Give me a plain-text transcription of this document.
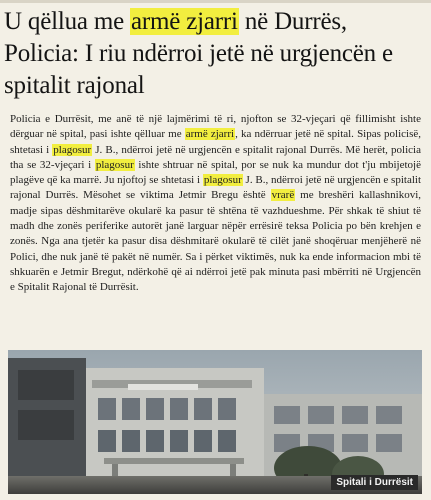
U qëllua me armë zjarri në Durrës, Policia: I riu ndërroi jetë në urgjencën e spitalit rajonal
Policia e Durrësit, me anë të një lajmërimi të ri, njofton se 32-vjeçari që fillimisht ishte dërguar në spital, pasi ishte qëlluar me armë zjarri, ka ndërruar jetë në spital. Sipas policisë, shtetasi i plagosur J. B., ndërroi jetë në urgjencën e spitalit rajonal Durrës. Më herët, policia tha se 32-vjeçari i plagosur ishte shtruar në spital, por se nuk ka mundur dot t'ju mbijetojë plagëve që ka marrë. Ju njoftoj se shtetasi i plagosur J. B., ndërroi jetë në urgjencën e spitalit rajonal Durrës. Mësohet se viktima Jetmir Bregu është vrarë me breshëri kallashnikovi, madje sipas dëshmitarëve okularë ka pasur të shtëna të vazhdueshme. Për shkak të shiut të madh dhe zonës periferike autorët janë larguar nëpër errësirë teksa Policia po bën krehjen e zonës. Nga ana tjetër ka pasur disa dëshmitarë okularë të cilët janë shoqëruar menjëherë në Polici, dhe nuk janë të pakët në numër. Sa i përket viktimës, nuk ka ende informacion mbi të shkuarën e Jetmir Bregut, ndërkohë që ai ndërroi jetë pak minuta pasi mbërriti në Urgjencën e Spitalit Rajonal të Durrësit.
Spitali i Durrësit
